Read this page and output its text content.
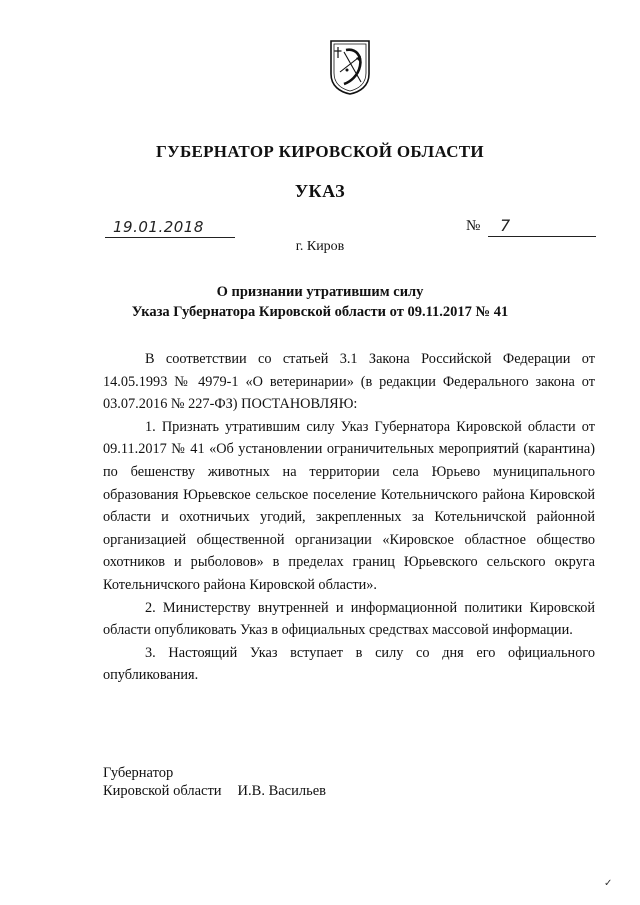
ГУБЕРНАТОР КИРОВСКОЙ ОБЛАСТИ
УКАЗ
19.01.2018	№ 7
г. Киров
О признании утратившим силу
Указа Губернатора Кировской области от 09.11.2017 № 41

В соответствии со статьей 3.1 Закона Российской Федерации от 14.05.1993 № 4979-1 «О ветеринарии» (в редакции Федерального закона от 03.07.2016 № 227-ФЗ) ПОСТАНОВЛЯЮ:

1. Признать утратившим силу Указ Губернатора Кировской области от 09.11.2017 № 41 «Об установлении ограничительных мероприятий (карантина) по бешенству животных на территории села Юрьево муниципального образования Юрьевское сельское поселение Котельничского района Кировской области и охотничьих угодий, закрепленных за Котельничской районной организацией общественной организации «Кировское областное общество охотников и рыболовов» в пределах границ Юрьевского сельского округа Котельничского района Кировской области».

2. Министерству внутренней и информационной политики Кировской области опубликовать Указ в официальных средствах массовой информации.

3. Настоящий Указ вступает в силу со дня его официального опубликования.

Губернатор
Кировской области И.В. Васильев
✓
